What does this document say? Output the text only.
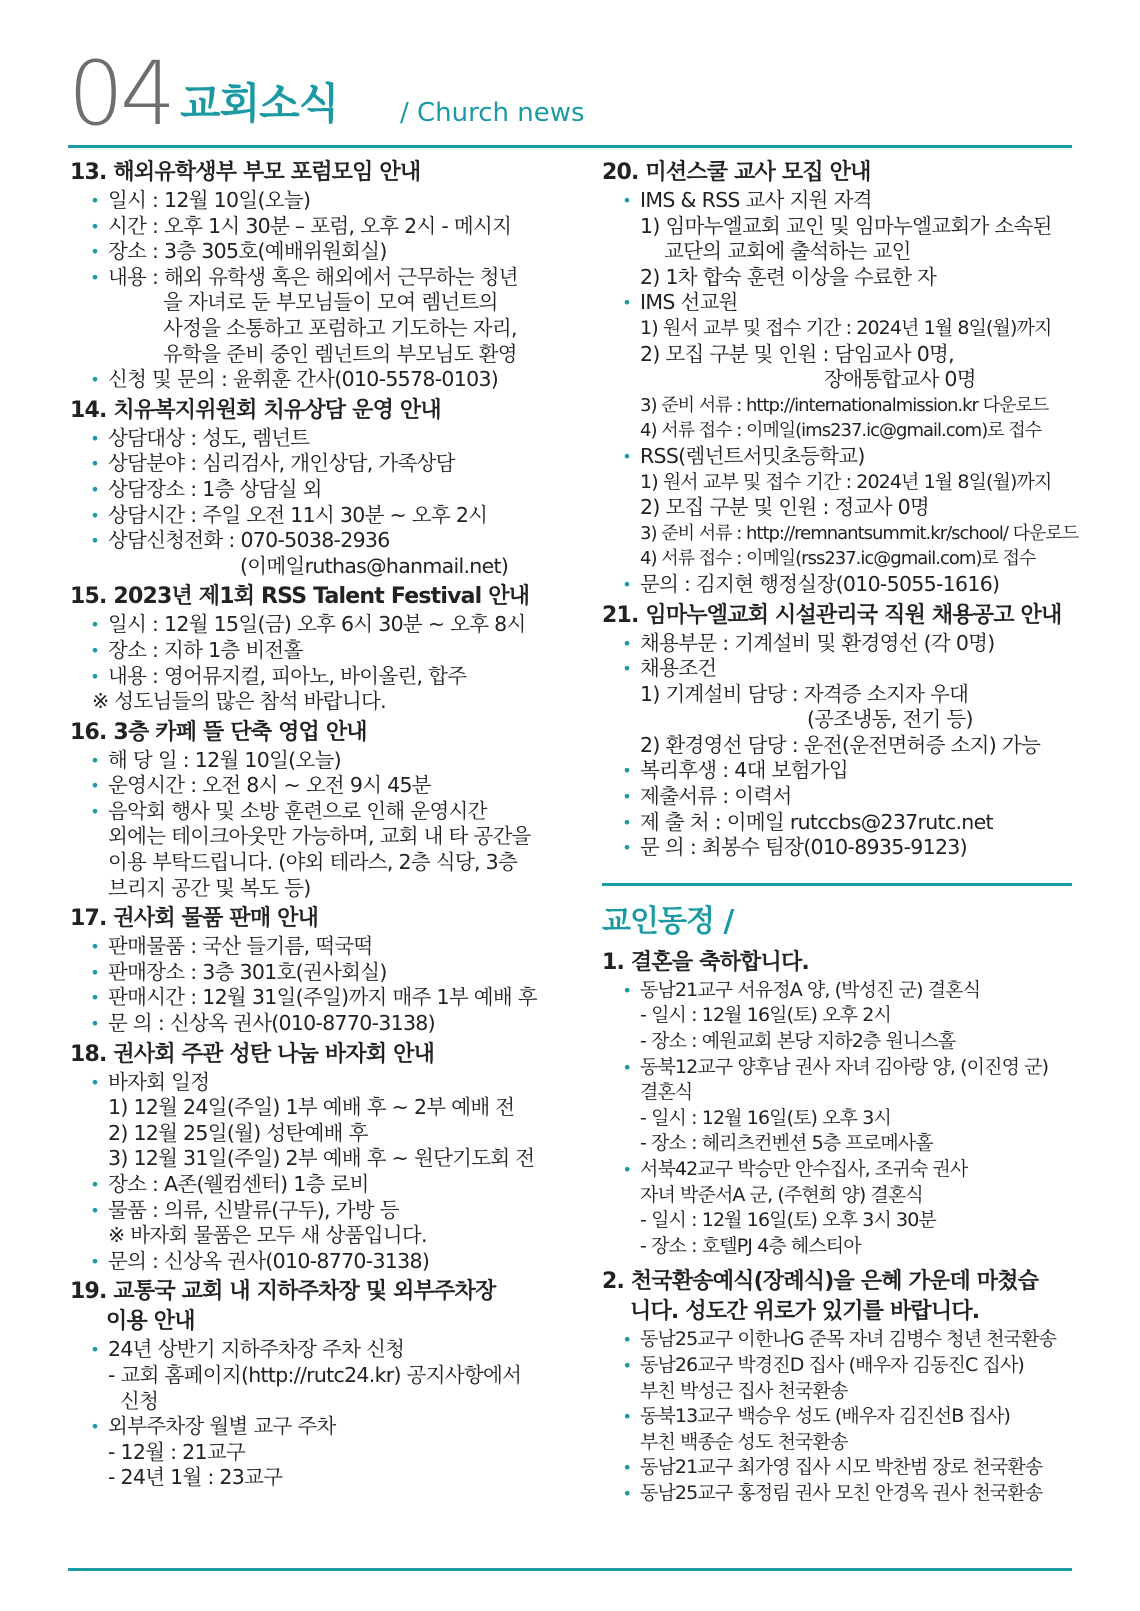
04 교회소식 / Church news
13. 해외유학생부 부모 포럼모임 안내
• 일시 : 12월 10일(오늘)
• 시간 : 오후 1시 30분 – 포럼, 오후 2시 - 메시지
• 장소 : 3층 305호(예배위원회실)
• 내용 : 해외 유학생 혹은 해외에서 근무하는 청년
을 자녀로 둔 부모님들이 모여 렘넌트의
사정을 소통하고 포럼하고 기도하는 자리,
유학을 준비 중인 렘넌트의 부모님도 환영
• 신청 및 문의 : 윤휘훈 간사(010-5578-0103)
14. 치유복지위원회 치유상담 운영 안내
• 상담대상 : 성도, 렘넌트
• 상담분야 : 심리검사, 개인상담, 가족상담
• 상담장소 : 1층 상담실 외
• 상담시간 : 주일 오전 11시 30분 ~ 오후 2시
• 상담신청전화 : 070-5038-2936
(이메일ruthas@hanmail.net)
15. 2023년 제1회 RSS Talent Festival 안내
• 일시 : 12월 15일(금) 오후 6시 30분 ~ 오후 8시
• 장소 : 지하 1층 비전홀
• 내용 : 영어뮤지컬, 피아노, 바이올린, 합주
※ 성도님들의 많은 참석 바랍니다.
16. 3층 카페 뜰 단축 영업 안내
• 해 당 일 : 12월 10일(오늘)
• 운영시간 : 오전 8시 ~ 오전 9시 45분
• 음악회 행사 및 소방 훈련으로 인해 운영시간
외에는 테이크아웃만 가능하며, 교회 내 타 공간을
이용 부탁드립니다. (야외 테라스, 2층 식당, 3층
브리지 공간 및 복도 등)
17. 권사회 물품 판매 안내
• 판매물품 : 국산 들기름, 떡국떡
• 판매장소 : 3층 301호(권사회실)
• 판매시간 : 12월 31일(주일)까지 매주 1부 예배 후
• 문 의 : 신상옥 권사(010-8770-3138)
18. 권사회 주관 성탄 나눔 바자회 안내
• 바자회 일정
1) 12월 24일(주일) 1부 예배 후 ~ 2부 예배 전
2) 12월 25일(월) 성탄예배 후
3) 12월 31일(주일) 2부 예배 후 ~ 원단기도회 전
• 장소 : A존(웰컴센터) 1층 로비
• 물품 : 의류, 신발류(구두), 가방 등
※ 바자회 물품은 모두 새 상품입니다.
• 문의 : 신상옥 권사(010-8770-3138)
19. 교통국 교회 내 지하주차장 및 외부주차장
이용 안내
• 24년 상반기 지하주차장 주차 신청
- 교회 홈페이지(http://rutc24.kr) 공지사항에서
신청
• 외부주차장 월별 교구 주차
- 12월 : 21교구
- 24년 1월 : 23교구
20. 미션스쿨 교사 모집 안내
• IMS & RSS 교사 지원 자격
1) 임마누엘교회 교인 및 임마누엘교회가 소속된
교단의 교회에 출석하는 교인
2) 1차 합숙 훈련 이상을 수료한 자
• IMS 선교원
1) 원서 교부 및 접수 기간 : 2024년 1월 8일(월)까지
2) 모집 구분 및 인원 : 담임교사 0명,
장애통합교사 0명
3) 준비 서류 : http://internationalmission.kr 다운로드
4) 서류 접수 : 이메일(ims237.ic@gmail.com)로 접수
• RSS(렘넌트서밋초등학교)
1) 원서 교부 및 접수 기간 : 2024년 1월 8일(월)까지
2) 모집 구분 및 인원 : 정교사 0명
3) 준비 서류 : http://remnantsummit.kr/school/ 다운로드
4) 서류 접수 : 이메일(rss237.ic@gmail.com)로 접수
• 문의 : 김지현 행정실장(010-5055-1616)
21. 임마누엘교회 시설관리국 직원 채용공고 안내
• 채용부문 : 기계설비 및 환경영선 (각 0명)
• 채용조건
1) 기계설비 담당 : 자격증 소지자 우대
(공조냉동, 전기 등)
2) 환경영선 담당 : 운전(운전면허증 소지) 가능
• 복리후생 : 4대 보험가입
• 제출서류 : 이력서
• 제 출 처 : 이메일 rutccbs@237rutc.net
• 문 의 : 최봉수 팀장(010-8935-9123)
교인동정 /
1. 결혼을 축하합니다.
• 동남21교구 서유정A 양, (박성진 군) 결혼식
- 일시 : 12월 16일(토) 오후 2시
- 장소 : 예원교회 본당 지하2층 원니스홀
• 동북12교구 양후남 권사 자녀 김아랑 양, (이진영 군)
결혼식
- 일시 : 12월 16일(토) 오후 3시
- 장소 : 헤리츠컨벤션 5층 프로메사홀
• 서북42교구 박승만 안수집사, 조귀숙 권사
자녀 박준서A 군, (주현희 양) 결혼식
- 일시 : 12월 16일(토) 오후 3시 30분
- 장소 : 호텔PJ 4층 헤스티아
2. 천국환송예식(장례식)을 은혜 가운데 마쳤습
니다. 성도간 위로가 있기를 바랍니다.
• 동남25교구 이한나G 준목 자녀 김병수 청년 천국환송
• 동남26교구 박경진D 집사 (배우자 김동진C 집사)
부친 박성근 집사 천국환송
• 동북13교구 백승우 성도 (배우자 김진선B 집사)
부친 백종순 성도 천국환송
• 동남21교구 최가영 집사 시모 박찬범 장로 천국환송
• 동남25교구 홍정림 권사 모친 안경옥 권사 천국환송
